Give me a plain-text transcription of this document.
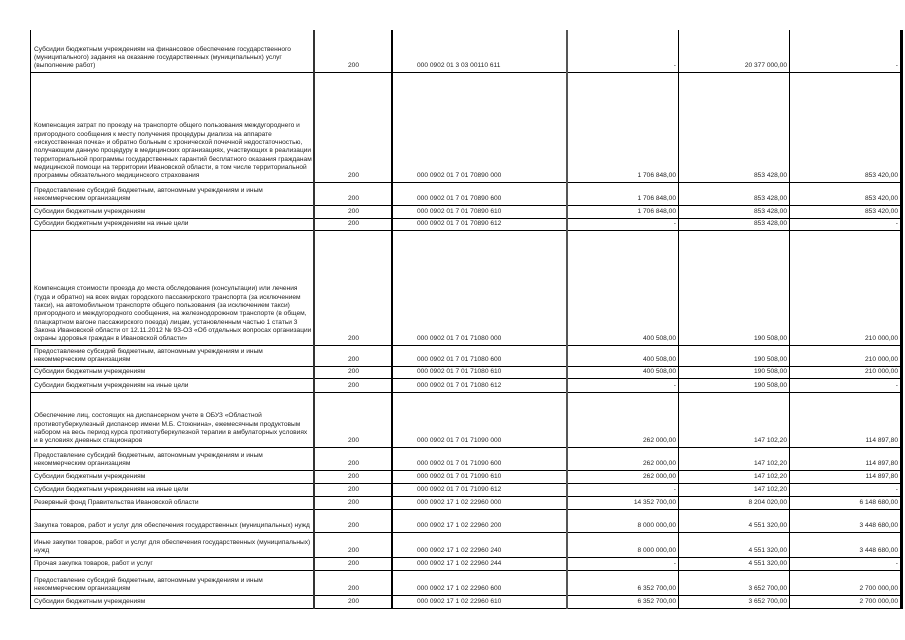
Субсидии бюджетным учреждениям на финансовое обеспечение государственного (муниципального) задания на оказание государственных (муниципальных) услуг (выполнение работ)	200	000 0902 01 3 03 00110 611	-	20 377 000,00	-
Компенсация затрат по проезду на транспорте общего пользования междугороднего и пригородного сообщения к месту получения процедуры диализа на аппарате «искусственная почка» и обратно больным с хронической почечной недостаточностью, получающим данную процедуру в медицинских организациях, участвующих в реализации территориальной программы государственных гарантий бесплатного оказания гражданам медицинской помощи на территории Ивановской области, в том числе территориальной программы обязательного медицинского страхования	200	000 0902 01 7 01 70890 000	1 706 848,00	853 428,00	853 420,00
Предоставление субсидий бюджетным, автономным учреждениям и иным некоммерческим организациям	200	000 0902 01 7 01 70890 600	1 706 848,00	853 428,00	853 420,00
Субсидии бюджетным учреждениям	200	000 0902 01 7 01 70890 610	1 706 848,00	853 428,00	853 420,00
Субсидии бюджетным учреждениям на иные цели	200	000 0902 01 7 01 70890 612	-	853 428,00	-
Компенсация стоимости проезда до места обследования (консультации) или лечения (туда и обратно) на всех видах городского пассажирского транспорта (за исключением такси), на автомобильном транспорте общего пользования (за исключением такси) пригородного и междугородного сообщения, на железнодорожном транспорте (в общем, плацкартном вагоне пассажирского поезда) лицам, установленным частью 1 статьи 3 Закона Ивановской области от 12.11.2012 № 93-ОЗ «Об отдельных вопросах организации охраны здоровья граждан в Ивановской области»	200	000 0902 01 7 01 71080 000	400 508,00	190 508,00	210 000,00
Предоставление субсидий бюджетным, автономным учреждениям и иным некоммерческим организациям	200	000 0902 01 7 01 71080 600	400 508,00	190 508,00	210 000,00
Субсидии бюджетным учреждениям	200	000 0902 01 7 01 71080 610	400 508,00	190 508,00	210 000,00
Субсидии бюджетным учреждениям на иные цели	200	000 0902 01 7 01 71080 612	-	190 508,00	-
Обеспечение лиц, состоящих на диспансерном учете в ОБУЗ «Областной противотуберкулезный диспансер имени М.Б. Стоюнина», ежемесячным продуктовым набором на весь период курса противотуберкулезной терапии в амбулаторных условиях и в условиях дневных стационаров	200	000 0902 01 7 01 71090 000	262 000,00	147 102,20	114 897,80
Предоставление субсидий бюджетным, автономным учреждениям и иным некоммерческим организациям	200	000 0902 01 7 01 71090 600	262 000,00	147 102,20	114 897,80
Субсидии бюджетным учреждениям	200	000 0902 01 7 01 71090 610	262 000,00	147 102,20	114 897,80
Субсидии бюджетным учреждениям на иные цели	200	000 0902 01 7 01 71090 612	-	147 102,20	-
Резервный фонд Правительства Ивановской области	200	000 0902 17 1 02 22960 000	14 352 700,00	8 204 020,00	6 148 680,00
Закупка товаров, работ и услуг для обеспечения государственных (муниципальных) нужд	200	000 0902 17 1 02 22960 200	8 000 000,00	4 551 320,00	3 448 680,00
Иные закупки товаров, работ и услуг для обеспечения государственных (муниципальных) нужд	200	000 0902 17 1 02 22960 240	8 000 000,00	4 551 320,00	3 448 680,00
Прочая закупка товаров, работ и услуг	200	000 0902 17 1 02 22960 244	-	4 551 320,00	-
Предоставление субсидий бюджетным, автономным учреждениям и иным некоммерческим организациям	200	000 0902 17 1 02 22960 600	6 352 700,00	3 652 700,00	2 700 000,00
Субсидии бюджетным учреждениям	200	000 0902 17 1 02 22960 610	6 352 700,00	3 652 700,00	2 700 000,00
